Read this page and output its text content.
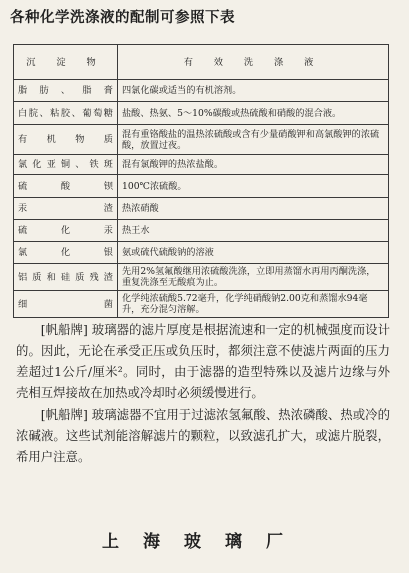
各种化学洗涤液的配制可参照下表
沉 淀 物	有 效 洗 涤 液
脂肪、脂膏	四氯化碳或适当的有机溶剂。
白脘、粘胶、葡萄糖	盐酸、热氨、5～10%碳酸或热硫酸和硝酸的混合液。
有 机 物 质	混有重铬酸盐的温热浓硫酸或含有少量硝酸钾和高氯酸钾的浓硫酸，放置过夜。
氯化亚铜、铁斑	混有氯酸钾的热浓盐酸。
硫 酸 钡	100℃浓硫酸。
汞 渣	热浓硝酸
硫 化 汞	热王水
氯 化 银	氨或硫代硫酸钠的溶液
铝质和硅质残渣	先用2%氢氟酸继用浓硫酸洗涤，立即用蒸馏水再用丙酮洗涤，重复洗涤至无酸痕为止。
细 菌	化学纯浓硫酸5.72毫升，化学纯硝酸钠2.00克和蒸馏水94毫升，充分混匀溶解。

[帆船牌] 玻璃器的滤片厚度是根据流速和一定的机械强度而设计的。因此，无论在承受正压或负压时，都须注意不使滤片两面的压力差超过1公斤/厘米²。同时，由于滤器的造型特殊以及滤片边缘与外壳相互焊接故在加热或冷却时必须缓慢进行。

[帆船牌] 玻璃滤器不宜用于过滤浓氢氟酸、热浓磷酸、热或冷的浓碱液。这些试剂能溶解滤片的颗粒，以致滤孔扩大，或滤片脱裂，希用户注意。

上海玻璃厂
